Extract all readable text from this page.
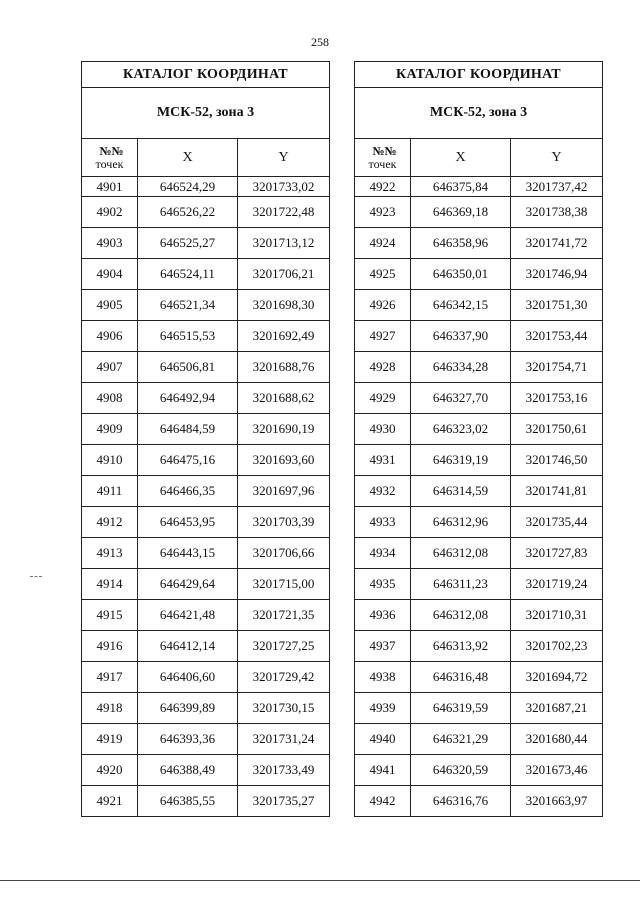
258
КАТАЛОГ КООРДИНАТ		
МСК-52, зона 3		

№№
точек	X	Y
4901	646524,29	3201733,02
4902	646526,22	3201722,48
4903	646525,27	3201713,12
4904	646524,11	3201706,21
4905	646521,34	3201698,30
4906	646515,53	3201692,49
4907	646506,81	3201688,76
4908	646492,94	3201688,62
4909	646484,59	3201690,19
4910	646475,16	3201693,60
4911	646466,35	3201697,96
4912	646453,95	3201703,39
4913	646443,15	3201706,66
4914	646429,64	3201715,00
4915	646421,48	3201721,35
4916	646412,14	3201727,25
4917	646406,60	3201729,42
4918	646399,89	3201730,15
4919	646393,36	3201731,24
4920	646388,49	3201733,49
4921	646385,55	3201735,27
КАТАЛОГ КООРДИНАТ		
МСК-52, зона 3		

№№
точек	X	Y
4922	646375,84	3201737,42
4923	646369,18	3201738,38
4924	646358,96	3201741,72
4925	646350,01	3201746,94
4926	646342,15	3201751,30
4927	646337,90	3201753,44
4928	646334,28	3201754,71
4929	646327,70	3201753,16
4930	646323,02	3201750,61
4931	646319,19	3201746,50
4932	646314,59	3201741,81
4933	646312,96	3201735,44
4934	646312,08	3201727,83
4935	646311,23	3201719,24
4936	646312,08	3201710,31
4937	646313,92	3201702,23
4938	646316,48	3201694,72
4939	646319,59	3201687,21
4940	646321,29	3201680,44
4941	646320,59	3201673,46
4942	646316,76	3201663,97
